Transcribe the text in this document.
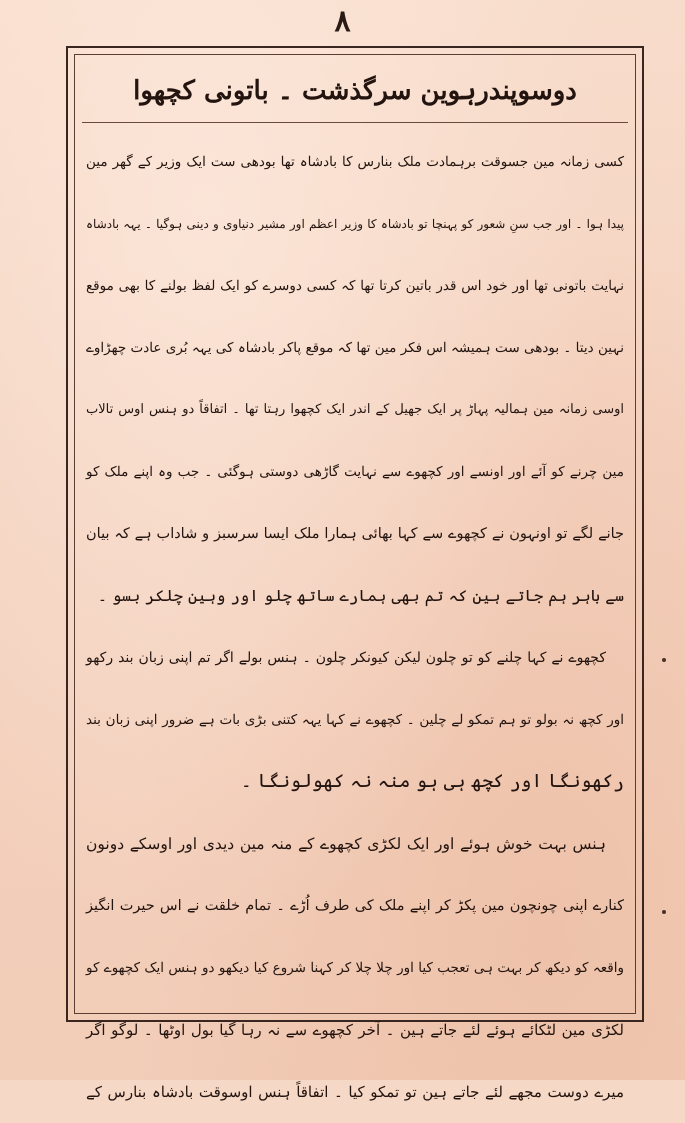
٨
دوسوپندرہوین سرگذشت ۔ باتونی کچھوا
کسی زمانہ مین جسوقت برہمادت ملک بنارس کا بادشاہ تھا بودھی ست ایک وزیر کے گھر مین
پیدا ہوا ۔ اور جب سنِ شعور کو پہنچا تو بادشاہ کا وزیر اعظم اور مشیر دنیاوی و دینی ہوگیا ۔ یہہ بادشاہ
نہایت باتونی تھا اور خود اس قدر باتین کرتا تھا کہ کسی دوسرے کو ایک لفظ بولنے کا بھی موقع
نہین دیتا ۔ بودھی ست ہمیشہ اس فکر مین تھا کہ موقع پاکر بادشاہ کی یہہ بُری عادت چھڑاوے
اوسی زمانہ مین ہمالیہ پہاڑ پر ایک جھیل کے اندر ایک کچھوا رہتا تھا ۔ اتفاقاً دو ہنس اوس تالاب
مین چرنے کو آئے اور اونسے اور کچھوے سے نہایت گاڑھی دوستی ہوگئی ۔ جب وہ اپنے ملک کو
جانے لگے تو اونہون نے کچھوے سے کہا بھائی ہمارا ملک ایسا سرسبز و شاداب ہے کہ بیان
سے باہر ہم جاتے ہین کہ تم بھی ہمارے ساتھ چلو اور وہین چلکر بسو ۔
کچھوے نے کہا چلنے کو تو چلون لیکن کیونکر چلون ۔ ہنس بولے اگر تم اپنی زبان بند رکھو
اور کچھ نہ بولو تو ہم تمکو لے چلین ۔ کچھوے نے کہا یہہ کتنی بڑی بات ہے ضرور اپنی زبان بند
رکھونگا اور کچھ ہی ہو منہ نہ کھولونگا ۔
ہنس بہت خوش ہوئے اور ایک لکڑی کچھوے کے منہ مین دیدی اور اوسکے دونون
کنارے اپنی چونچون مین پکڑ کر اپنے ملک کی طرف اُڑے ۔ تمام خلقت نے اس حیرت انگیز
واقعہ کو دیکھ کر بہت ہی تعجب کیا اور چلا چلا کر کہنا شروع کیا دیکھو دو ہنس ایک کچھوے کو
لکڑی مین لٹکائے ہوئے لئے جاتے ہین ۔ آخر کچھوے سے نہ رہا گیا بول اوٹھا ۔ لوگو اگر
میرے دوست مجھے لئے جاتے ہین تو تمکو کیا ۔ اتفاقاً ہنس اوسوقت بادشاہ بنارس کے
